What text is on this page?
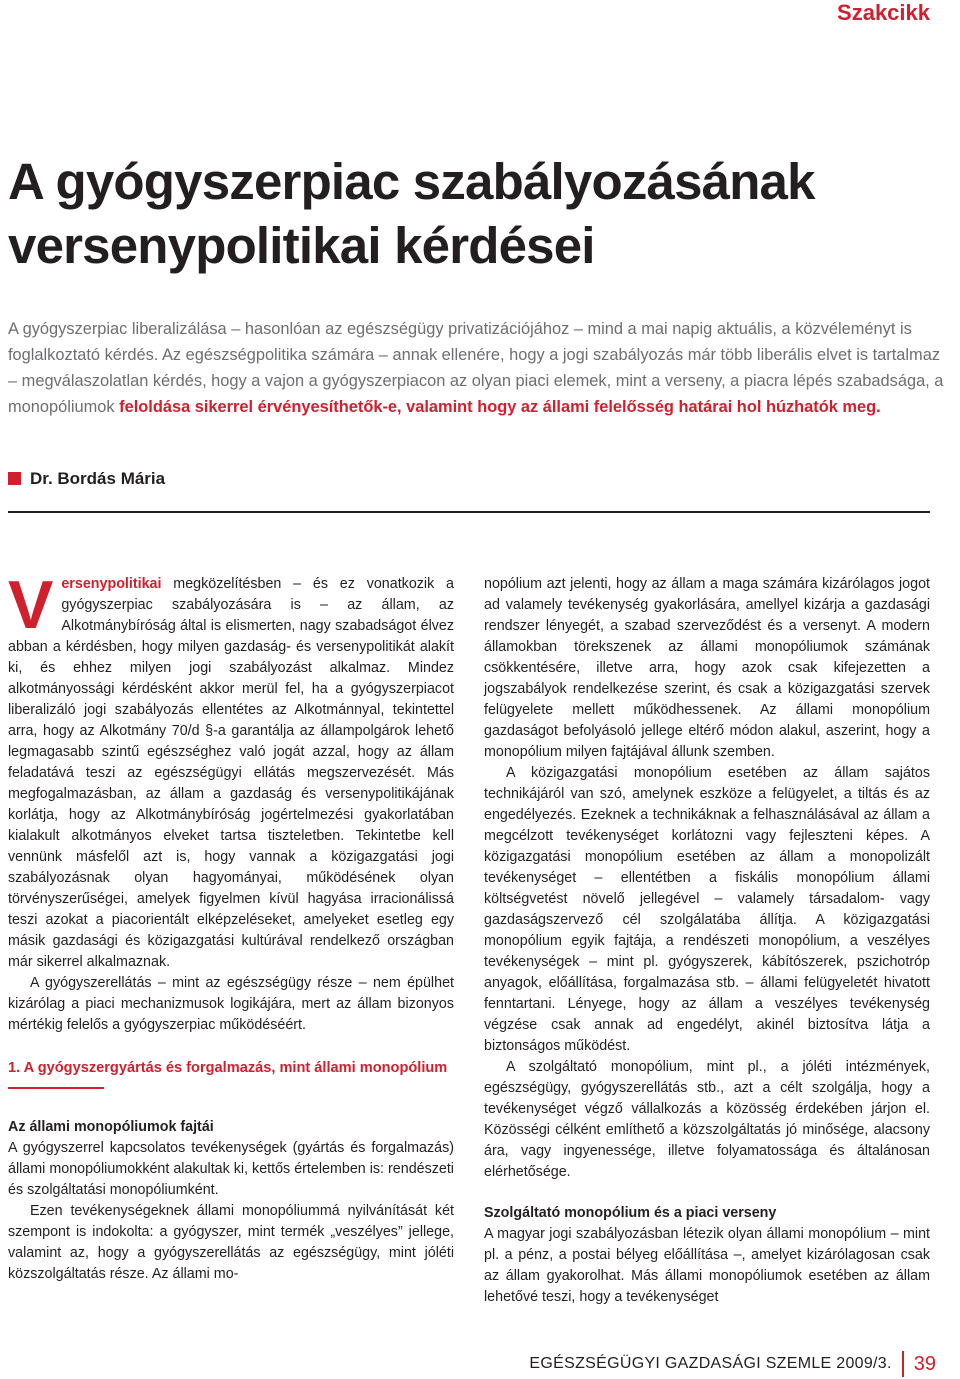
Szakcikk
A gyógyszerpiac szabályozásának versenypolitikai kérdései

A gyógyszerpiac liberalizálása – hasonlóan az egészségügy privatizációjához – mind a mai napig aktuális, a közvéleményt is foglalkoztató kérdés. Az egészségpolitika számára – annak ellenére, hogy a jogi szabályozás már több liberális elvet is tartalmaz – megválaszolatlan kérdés, hogy a vajon a gyógyszerpiacon az olyan piaci elemek, mint a verseny, a piacra lépés szabadsága, a monopóliumok feloldása sikerrel érvényesíthetők-e, valamint hogy az állami felelősség határai hol húzhatók meg.

Dr. Bordás Mária

Versenypolitikai megközelítésben – és ez vonatkozik a gyógyszerpiac szabályozására is – az állam, az Alkotmánybíróság által is elismerten, nagy szabadságot élvez abban a kérdésben, hogy milyen gazdaság- és versenypolitikát alakít ki, és ehhez milyen jogi szabályozást alkalmaz. Mindez alkotmányossági kérdésként akkor merül fel, ha a gyógyszerpiacot liberalizáló jogi szabályozás ellentétes az Alkotmánnyal, tekintettel arra, hogy az Alkotmány 70/d §-a garantálja az állampolgárok lehető legmagasabb szintű egészséghez való jogát azzal, hogy az állam feladatává teszi az egészségügyi ellátás megszervezését. Más megfogalmazásban, az állam a gazdaság és versenypolitikájának korlátja, hogy az Alkotmánybíróság jogértelmezési gyakorlatában kialakult alkotmányos elveket tartsa tiszteletben. Tekintetbe kell vennünk másfelől azt is, hogy vannak a közigazgatási jogi szabályozásnak olyan hagyományai, működésének olyan törvényszerűségei, amelyek figyelmen kívül hagyása irracionálissá teszi azokat a piacorientált elképzeléseket, amelyeket esetleg egy másik gazdasági és közigazgatási kultúrával rendelkező országban már sikerrel alkalmaznak.

A gyógyszerellátás – mint az egészségügy része – nem épülhet kizárólag a piaci mechanizmusok logikájára, mert az állam bizonyos mértékig felelős a gyógyszerpiac működéséért.

1. A gyógyszergyártás és forgalmazás, mint állami monopólium
Az állami monopóliumok fajtái

A gyógyszerrel kapcsolatos tevékenységek (gyártás és forgalmazás) állami monopóliumokként alakultak ki, kettős értelemben is: rendészeti és szolgáltatási monopóliumként.

Ezen tevékenységeknek állami monopóliummá nyilvánítását két szempont is indokolta: a gyógyszer, mint termék „veszélyes” jellege, valamint az, hogy a gyógyszerellátás az egészségügy, mint jóléti közszolgáltatás része. Az állami mo-

nopólium azt jelenti, hogy az állam a maga számára kizárólagos jogot ad valamely tevékenység gyakorlására, amellyel kizárja a gazdasági rendszer lényegét, a szabad szerveződést és a versenyt. A modern államokban törekszenek az állami monopóliumok számának csökkentésére, illetve arra, hogy azok csak kifejezetten a jogszabályok rendelkezése szerint, és csak a közigazgatási szervek felügyelete mellett működhessenek. Az állami monopólium gazdaságot befolyásoló jellege eltérő módon alakul, aszerint, hogy a monopólium milyen fajtájával állunk szemben.

A közigazgatási monopólium esetében az állam sajátos technikájáról van szó, amelynek eszköze a felügyelet, a tiltás és az engedélyezés. Ezeknek a technikáknak a felhasználásával az állam a megcélzott tevékenységet korlátozni vagy fejleszteni képes. A közigazgatási monopólium esetében az állam a monopolizált tevékenységet – ellentétben a fiskális monopólium állami költségvetést növelő jellegével – valamely társadalom- vagy gazdaságszervező cél szolgálatába állítja. A közigazgatási monopólium egyik fajtája, a rendészeti monopólium, a veszélyes tevékenységek – mint pl. gyógyszerek, kábítószerek, pszichotróp anyagok, előállítása, forgalmazása stb. – állami felügyeletét hivatott fenntartani. Lényege, hogy az állam a veszélyes tevékenység végzése csak annak ad engedélyt, akinél biztosítva látja a biztonságos működést.

A szolgáltató monopólium, mint pl., a jóléti intézmények, egészségügy, gyógyszerellátás stb., azt a célt szolgálja, hogy a tevékenységet végző vállalkozás a közösség érdekében járjon el. Közösségi célként említhető a közszolgáltatás jó minősége, alacsony ára, vagy ingyenessége, illetve folyamatossága és általánosan elérhetősége.

Szolgáltató monopólium és a piaci verseny

A magyar jogi szabályozásban létezik olyan állami monopólium – mint pl. a pénz, a postai bélyeg előállítása –, amelyet kizárólagosan csak az állam gyakorolhat. Más állami monopóliumok esetében az állam lehetővé teszi, hogy a tevékenységet

EGÉSZSÉGÜGYI GAZDASÁGI SZEMLE 2009/3. 39
